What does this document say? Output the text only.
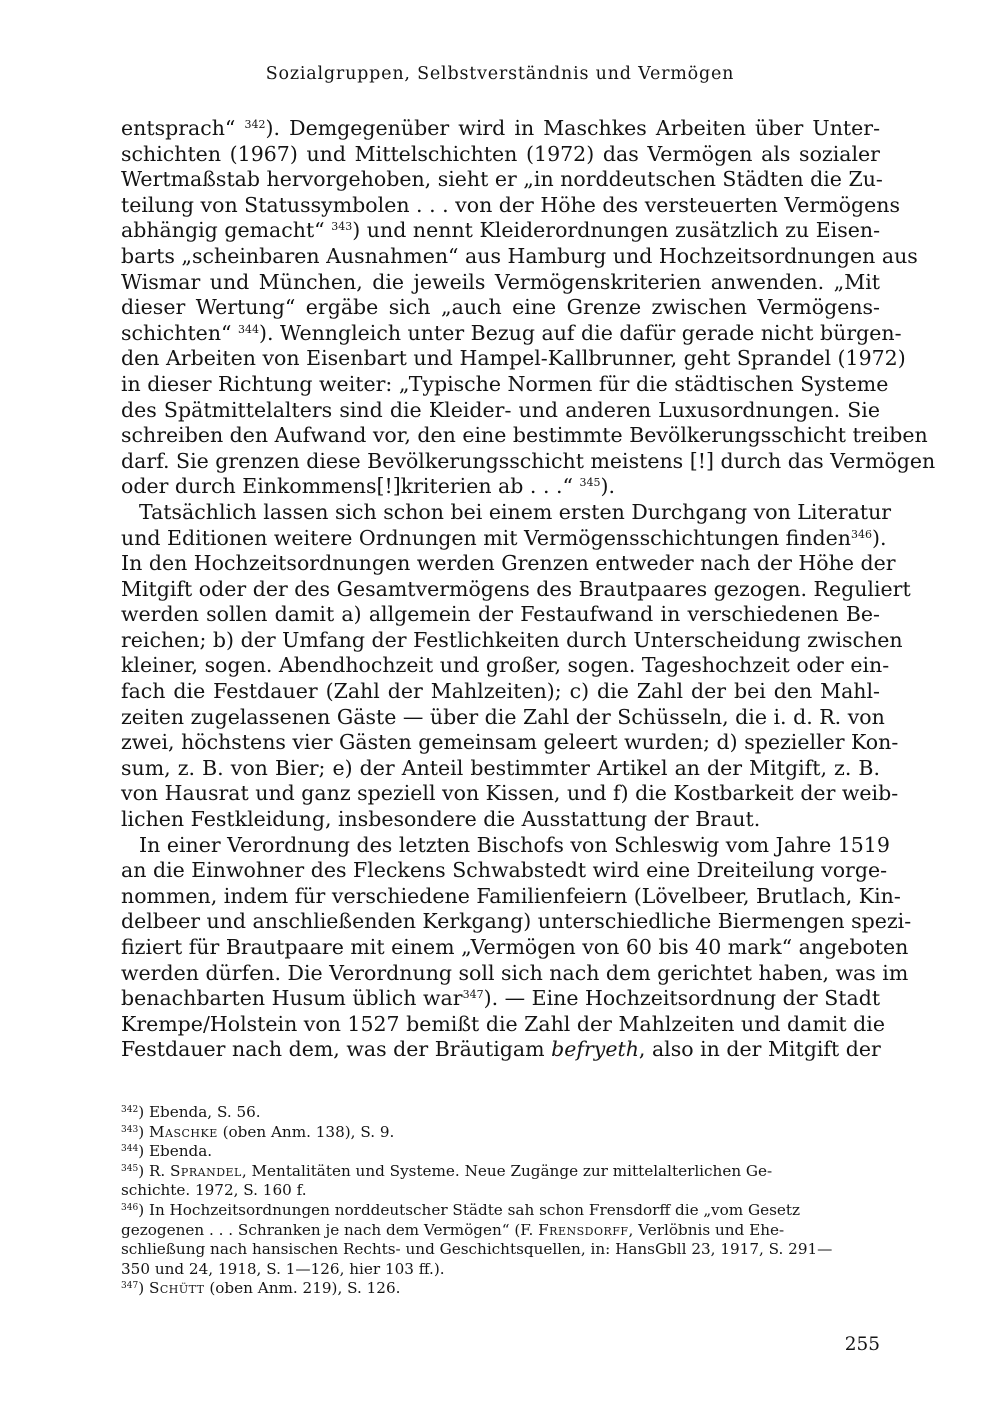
Sozialgruppen, Selbstverständnis und Vermögen
entsprach“ $^{342}$). Demgegenüber wird in Maschkes Arbeiten über Unter-
schichten (1967) und Mittelschichten (1972) das Vermögen als sozialer
Wertmaßstab hervorgehoben, sieht er „in norddeutschen Städten die Zu-
teilung von Statussymbolen . . . von der Höhe des versteuerten Vermögens
abhängig gemacht“ $^{343}$) und nennt Kleiderordnungen zusätzlich zu Eisen-
barts „scheinbaren Ausnahmen“ aus Hamburg und Hochzeitsordnungen aus
Wismar und München, die jeweils Vermögenskriterien anwenden. „Mit
dieser Wertung“ ergäbe sich „auch eine Grenze zwischen Vermögens-
schichten“ $^{344}$). Wenngleich unter Bezug auf die dafür gerade nicht bürgen-
den Arbeiten von Eisenbart und Hampel-Kallbrunner, geht Sprandel (1972)
in dieser Richtung weiter: „Typische Normen für die städtischen Systeme
des Spätmittelalters sind die Kleider- und anderen Luxusordnungen. Sie
schreiben den Aufwand vor, den eine bestimmte Bevölkerungsschicht treiben
darf. Sie grenzen diese Bevölkerungsschicht meistens [!] durch das Vermögen
oder durch Einkommens[!]kriterien ab . . .“ $^{345}$).
Tatsächlich lassen sich schon bei einem ersten Durchgang von Literatur
und Editionen weitere Ordnungen mit Vermögensschichtungen finden$^{346}$).
In den Hochzeitsordnungen werden Grenzen entweder nach der Höhe der
Mitgift oder der des Gesamtvermögens des Brautpaares gezogen. Reguliert
werden sollen damit a) allgemein der Festaufwand in verschiedenen Be-
reichen; b) der Umfang der Festlichkeiten durch Unterscheidung zwischen
kleiner, sogen. Abendhochzeit und großer, sogen. Tageshochzeit oder ein-
fach die Festdauer (Zahl der Mahlzeiten); c) die Zahl der bei den Mahl-
zeiten zugelassenen Gäste — über die Zahl der Schüsseln, die i. d. R. von
zwei, höchstens vier Gästen gemeinsam geleert wurden; d) spezieller Kon-
sum, z. B. von Bier; e) der Anteil bestimmter Artikel an der Mitgift, z. B.
von Hausrat und ganz speziell von Kissen, und f) die Kostbarkeit der weib-
lichen Festkleidung, insbesondere die Ausstattung der Braut.
In einer Verordnung des letzten Bischofs von Schleswig vom Jahre 1519
an die Einwohner des Fleckens Schwabstedt wird eine Dreiteilung vorge-
nommen, indem für verschiedene Familienfeiern (Lövelbeer, Brutlach, Kin-
delbeer und anschließenden Kerkgang) unterschiedliche Biermengen spezi-
fiziert für Brautpaare mit einem „Vermögen von 60 bis 40 mark“ angeboten
werden dürfen. Die Verordnung soll sich nach dem gerichtet haben, was im
benachbarten Husum üblich war$^{347}$). — Eine Hochzeitsordnung der Stadt
Krempe/Holstein von 1527 bemißt die Zahl der Mahlzeiten und damit die
Festdauer nach dem, was der Bräutigam befryeth, also in der Mitgift der
$^{342}$) Ebenda, S. 56.
$^{343}$) Maschke (oben Anm. 138), S. 9.
$^{344}$) Ebenda.
$^{345}$) R. Sprandel, Mentalitäten und Systeme. Neue Zugänge zur mittelalterlichen Ge-
schichte. 1972, S. 160 f.
$^{346}$) In Hochzeitsordnungen norddeutscher Städte sah schon Frensdorff die „vom Gesetz
gezogenen . . . Schranken je nach dem Vermögen“ (F. Frensdorff, Verlöbnis und Ehe-
schließung nach hansischen Rechts- und Geschichtsquellen, in: HansGbll 23, 1917, S. 291—
350 und 24, 1918, S. 1—126, hier 103 ff.).
$^{347}$) Schütt (oben Anm. 219), S. 126.
255
